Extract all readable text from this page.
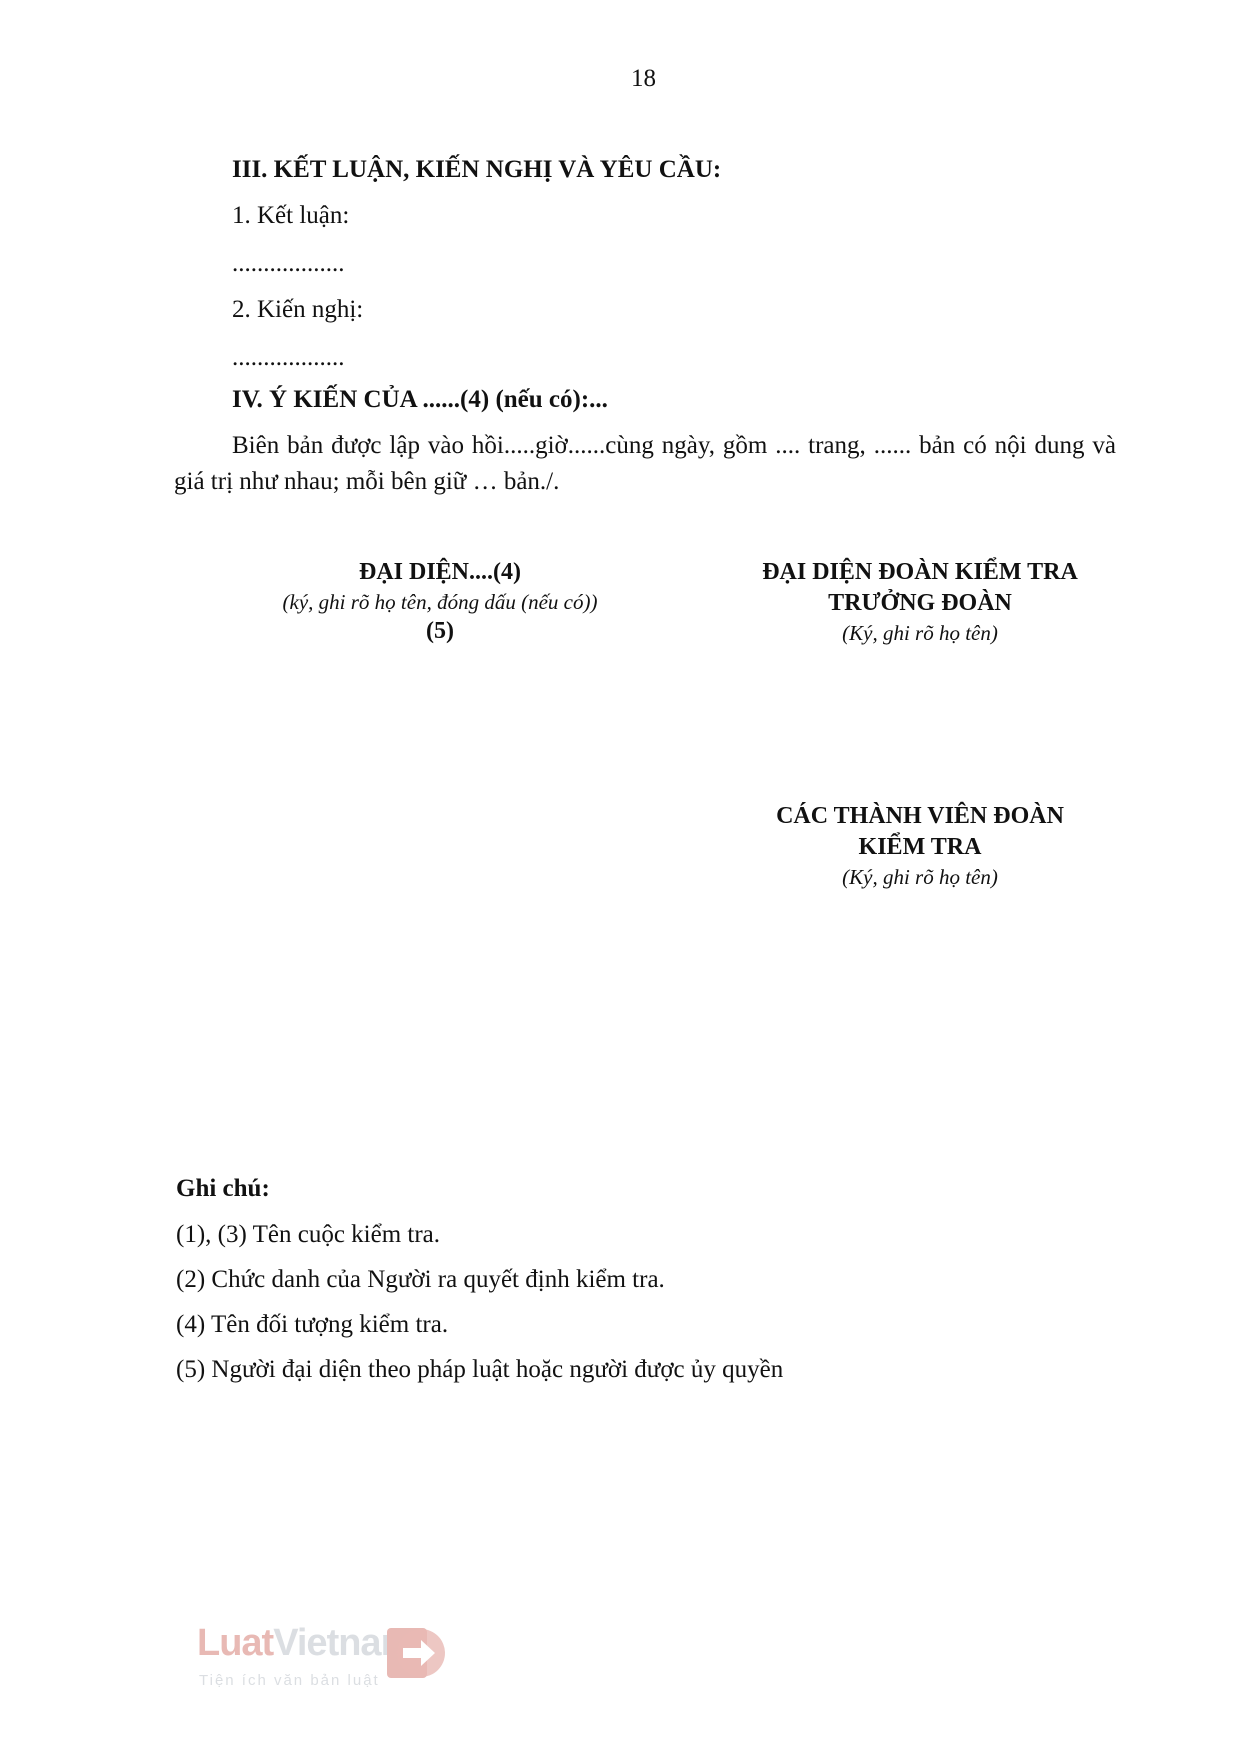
18
III. KẾT LUẬN, KIẾN NGHỊ VÀ YÊU CẦU:
1. Kết luận:
..................
2. Kiến nghị:
..................
IV. Ý KIẾN CỦA ......(4) (nếu có):...
Biên bản được lập vào hồi.....giờ......cùng ngày, gồm .... trang, ...... bản có nội dung và giá trị như nhau; mỗi bên giữ … bản./.
ĐẠI DIỆN....(4)
(ký, ghi rõ họ tên, đóng dấu (nếu có))
(5)
ĐẠI DIỆN ĐOÀN KIỂM TRA
TRƯỞNG ĐOÀN
(Ký, ghi rõ họ tên)
CÁC THÀNH VIÊN ĐOÀN
KIỂM TRA
(Ký, ghi rõ họ tên)
Ghi chú:
(1), (3) Tên cuộc kiểm tra.
(2) Chức danh của Người ra quyết định kiểm tra.
(4) Tên đối tượng kiểm tra.
(5) Người đại diện theo pháp luật hoặc người được ủy quyền
LuatVietnam
Tiện ích văn bản luật
